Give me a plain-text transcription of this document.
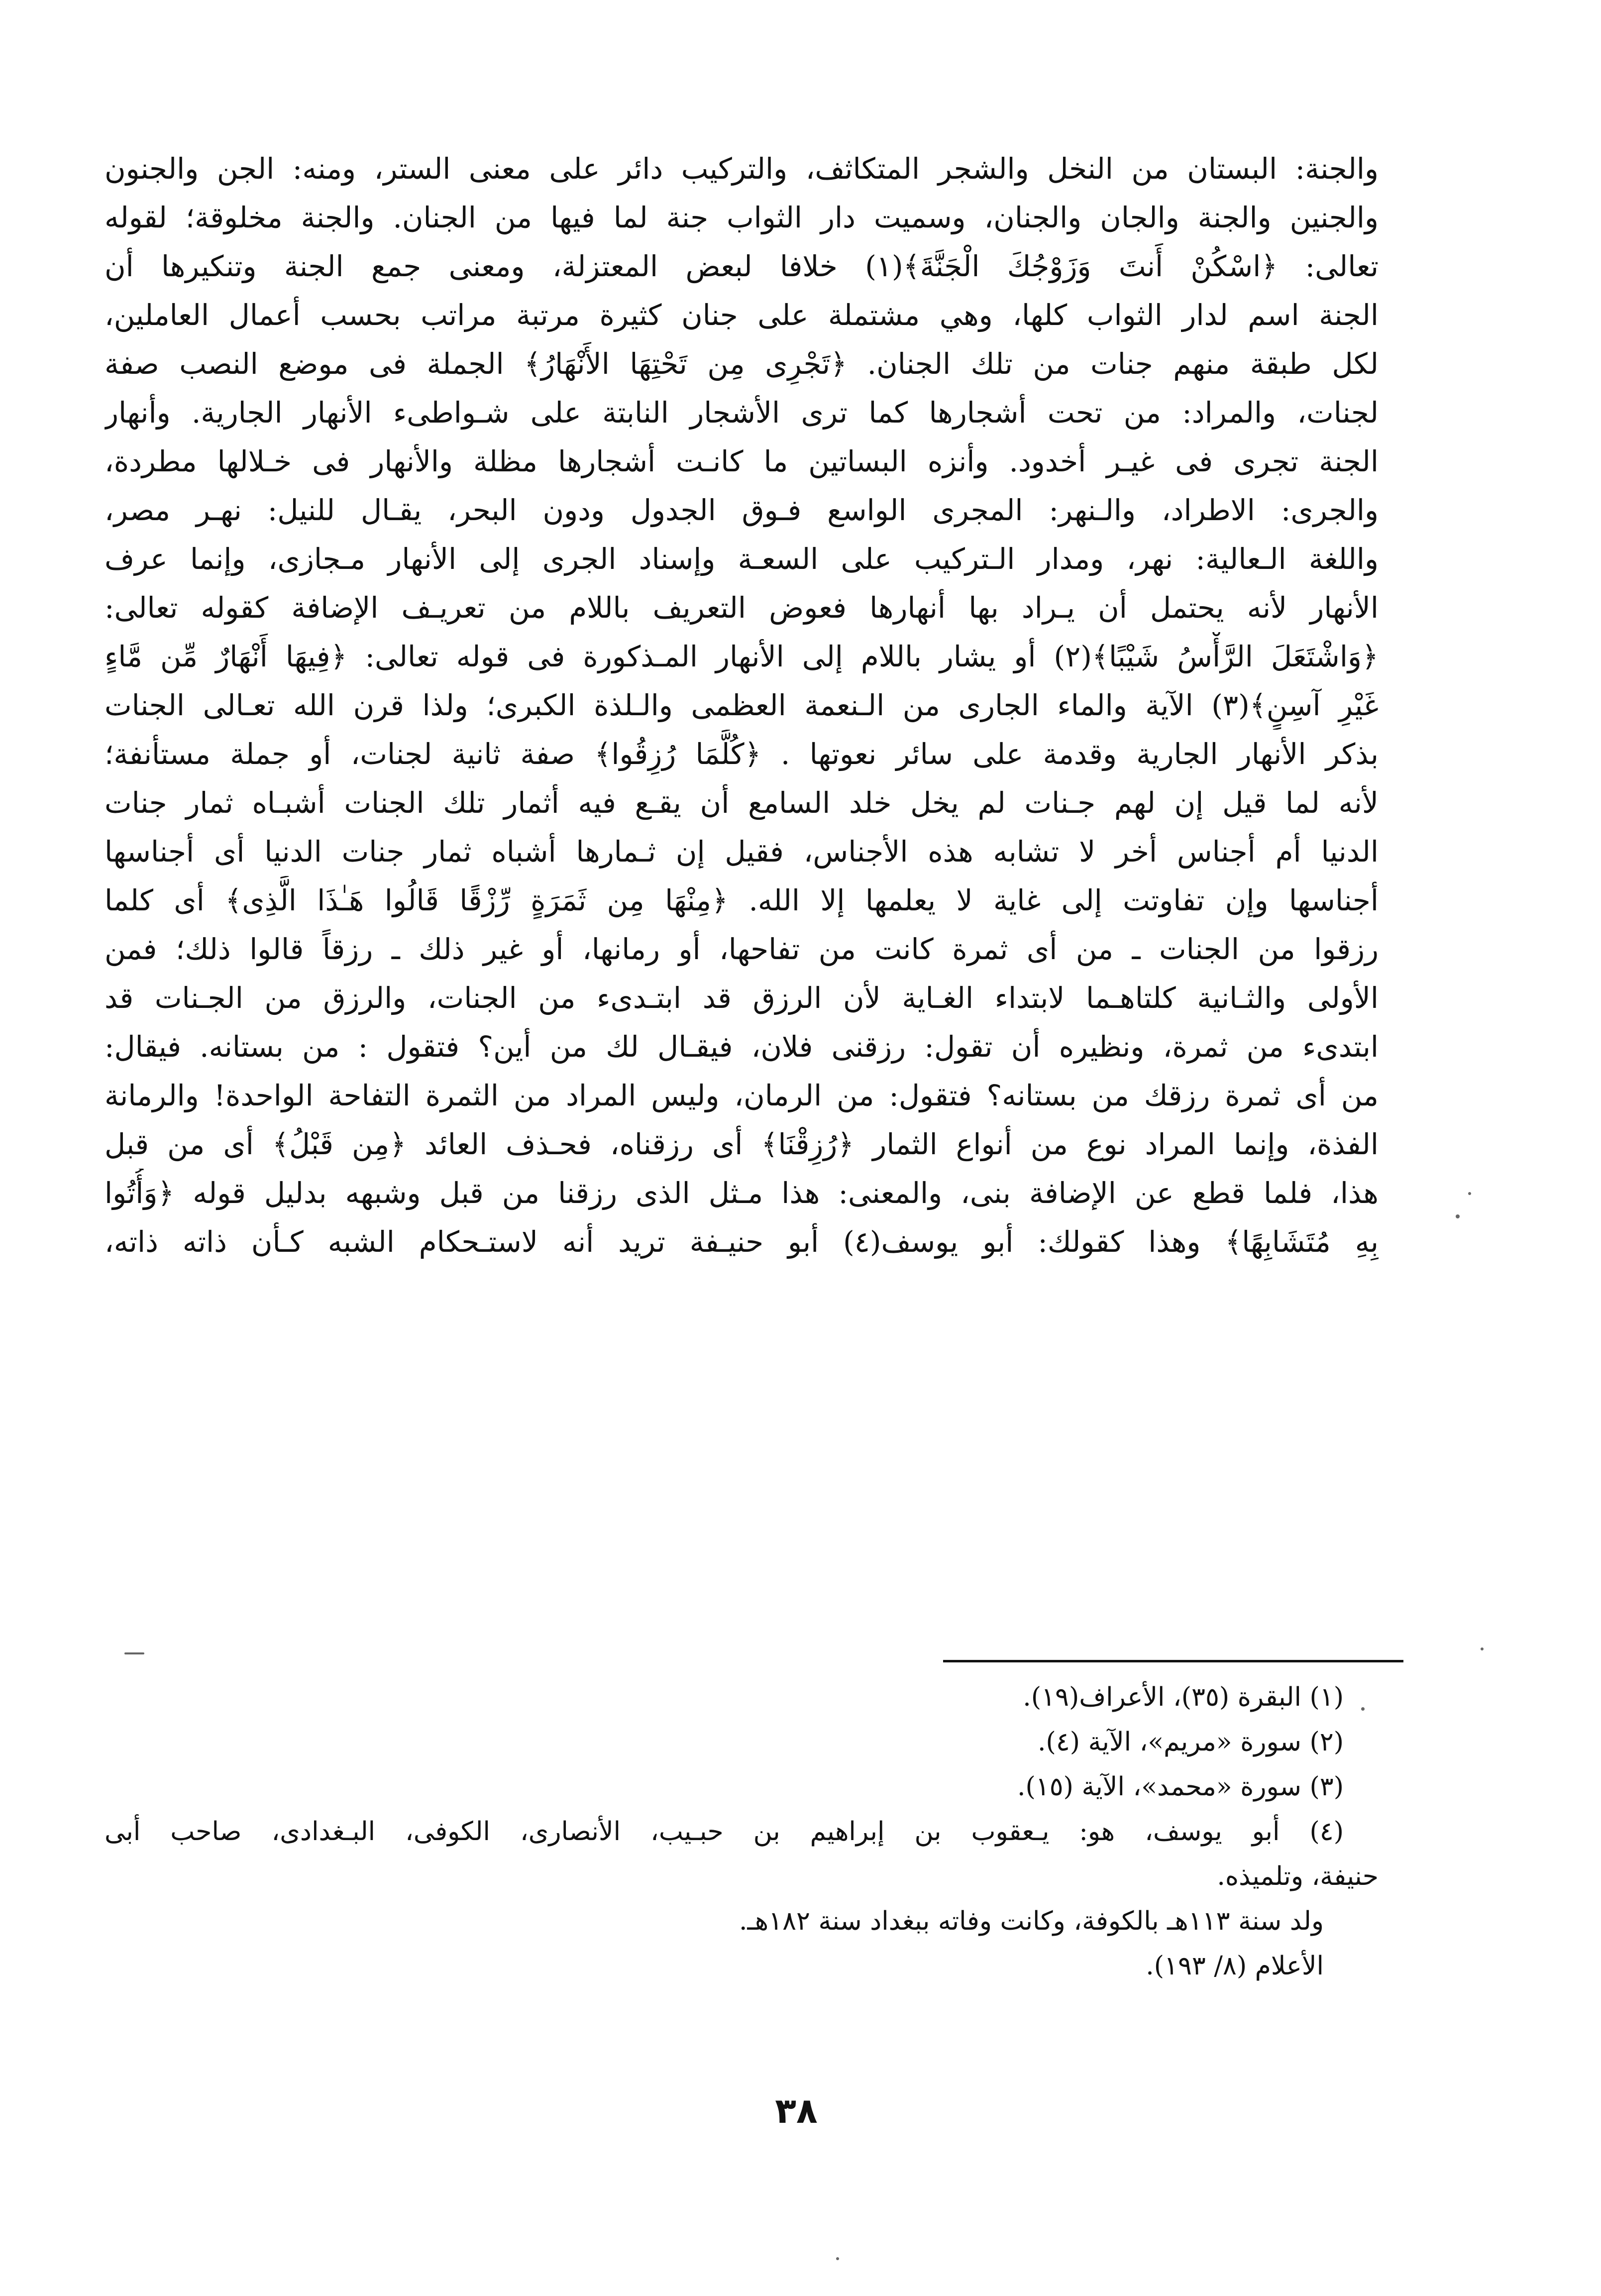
والجنة: البستان من النخل والشجر المتكاثف، والتركيب دائر على معنى الستر، ومنه: الجن والجنون
والجنين والجنة والجان والجنان، وسميت دار الثواب جنة لما فيها من الجنان. والجنة مخلوقة؛ لقوله
تعالى: ﴿اسْكُنْ أَنتَ وَزَوْجُكَ الْجَنَّةَ﴾(١) خلافا لبعض المعتزلة، ومعنى جمع الجنة وتنكيرها أن
الجنة اسم لدار الثواب كلها، وهي مشتملة على جنان كثيرة مرتبة مراتب بحسب أعمال العاملين،
لكل طبقة منهم جنات من تلك الجنان. ﴿تَجْرِى مِن تَحْتِهَا الأَنْهَارُ﴾ الجملة فى موضع النصب صفة
لجنات، والمراد: من تحت أشجارها كما ترى الأشجار النابتة على شـواطىء الأنهار الجارية. وأنهار
الجنة تجرى فى غيـر أخدود. وأنزه البساتين ما كانـت أشجارها مظلة والأنهار فى خـلالها مطردة،
والجرى: الاطراد، والـنهر: المجرى الواسع فـوق الجدول ودون البحر، يقـال للنيل: نهـر مصر،
واللغة الـعالية: نهر، ومدار الـتركيب على السعـة وإسناد الجرى إلى الأنهار مـجازى، وإنما عرف
الأنهار لأنه يحتمل أن يـراد بها أنهارها فعوض التعريف باللام من تعريـف الإضافة كقوله تعالى:
﴿وَاشْتَعَلَ الرَّأْسُ شَيْبًا﴾(٢) أو يشار باللام إلى الأنهار المـذكورة فى قوله تعالى: ﴿فِيهَا أَنْهَارٌ مِّن مَّاءٍ
غَيْرِ آسِنٍ﴾(٣) الآية والماء الجارى من الـنعمة العظمى والـلذة الكبرى؛ ولذا قرن الله تعـالى الجنات
بذكر الأنهار الجارية وقدمة على سائر نعوتها . ﴿كُلَّمَا رُزِقُوا﴾ صفة ثانية لجنات، أو جملة مستأنفة؛
لأنه لما قيل إن لهم جـنات لم يخل خلد السامع أن يقـع فيه أثمار تلك الجنات أشبـاه ثمار جنات
الدنيا أم أجناس أخر لا تشابه هذه الأجناس، فقيل إن ثـمارها أشباه ثمار جنات الدنيا أى أجناسها
أجناسها وإن تفاوتت إلى غاية لا يعلمها إلا الله. ﴿مِنْهَا مِن ثَمَرَةٍ رِّزْقًا قَالُوا هَـٰذَا الَّذِى﴾ أى كلما
رزقوا من الجنات ـ من أى ثمرة كانت من تفاحها، أو رمانها، أو غير ذلك ـ رزقاً قالوا ذلك؛ فمن
الأولى والثـانية كلتاهـما لابتداء الغـاية لأن الرزق قد ابتـدىء من الجنات، والرزق من الجـنات قد
ابتدىء من ثمرة، ونظيره أن تقول: رزقنى فلان، فيقـال لك من أين؟ فتقول : من بستانه. فيقال:
من أى ثمرة رزقك من بستانه؟ فتقول: من الرمان، وليس المراد من الثمرة التفاحة الواحدة! والرمانة
الفذة، وإنما المراد نوع من أنواع الثمار ﴿رُزِقْنَا﴾ أى رزقناه، فحـذف العائد ﴿مِن قَبْلُ﴾ أى من قبل
هذا، فلما قطع عن الإضافة بنى، والمعنى: هذا مـثل الذى رزقنا من قبل وشبهه بدليل قوله ﴿وَأُتُوا
بِهِ مُتَشَابِهًا﴾ وهذا كقولك: أبو يوسف(٤) أبو حنيـفة تريد أنه لاستـحكام الشبه كـأن ذاته ذاته،
(١) البقرة (٣٥)، الأعراف(١٩).
(٢) سورة «مريم»، الآية (٤).
(٣) سورة «محمد»، الآية (١٥).
(٤) أبو يوسف، هو: يـعقوب بن إبراهيم بن حبـيب، الأنصارى، الكوفى، البـغدادى، صاحب أبى
حنيفة، وتلميذه.
ولد سنة ١١٣هـ بالكوفة، وكانت وفاته ببغداد سنة ١٨٢هـ.
الأعلام (٨/ ١٩٣).
٣٨
